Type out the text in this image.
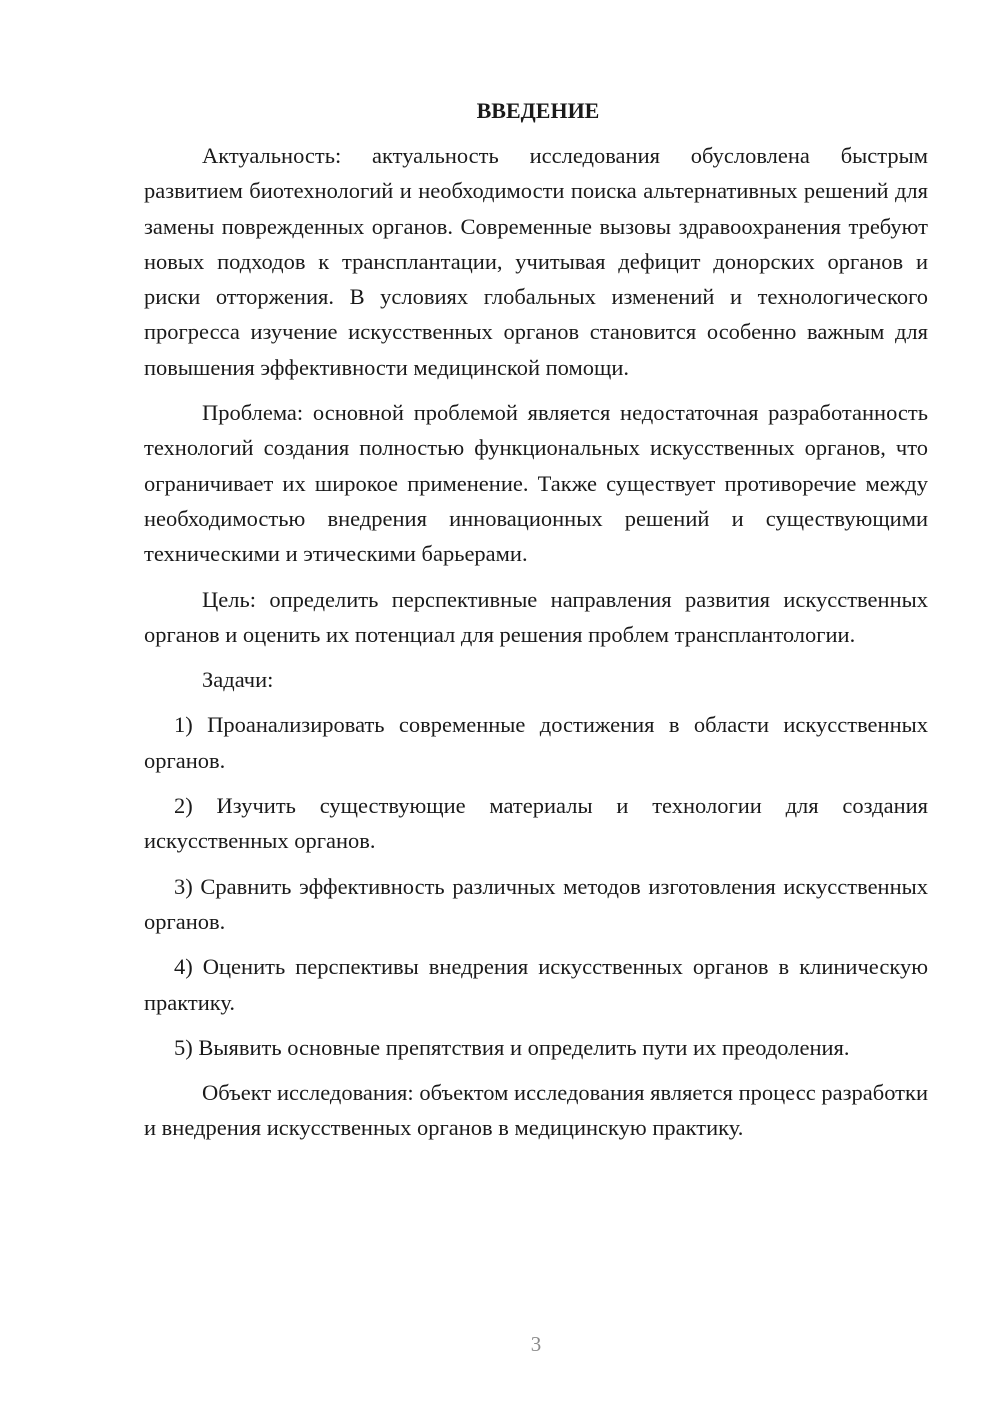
ВВЕДЕНИЕ

Актуальность: актуальность исследования обусловлена быстрым развитием биотехнологий и необходимости поиска альтернативных решений для замены поврежденных органов. Современные вызовы здравоохранения требуют новых подходов к трансплантации, учитывая дефицит донорских органов и риски отторжения. В условиях глобальных изменений и технологического прогресса изучение искусственных органов становится особенно важным для повышения эффективности медицинской помощи.

Проблема: основной проблемой является недостаточная разработанность технологий создания полностью функциональных искусственных органов, что ограничивает их широкое применение. Также существует противоречие между необходимостью внедрения инновационных решений и существующими техническими и этическими барьерами.

Цель: определить перспективные направления развития искусственных органов и оценить их потенциал для решения проблем трансплантологии.

Задачи:

1) Проанализировать современные достижения в области искусственных органов.

2) Изучить существующие материалы и технологии для создания искусственных органов.

3) Сравнить эффективность различных методов изготовления искусственных органов.

4) Оценить перспективы внедрения искусственных органов в клиническую практику.

5) Выявить основные препятствия и определить пути их преодоления.

Объект исследования: объектом исследования является процесс разработки и внедрения искусственных органов в медицинскую практику.

3
